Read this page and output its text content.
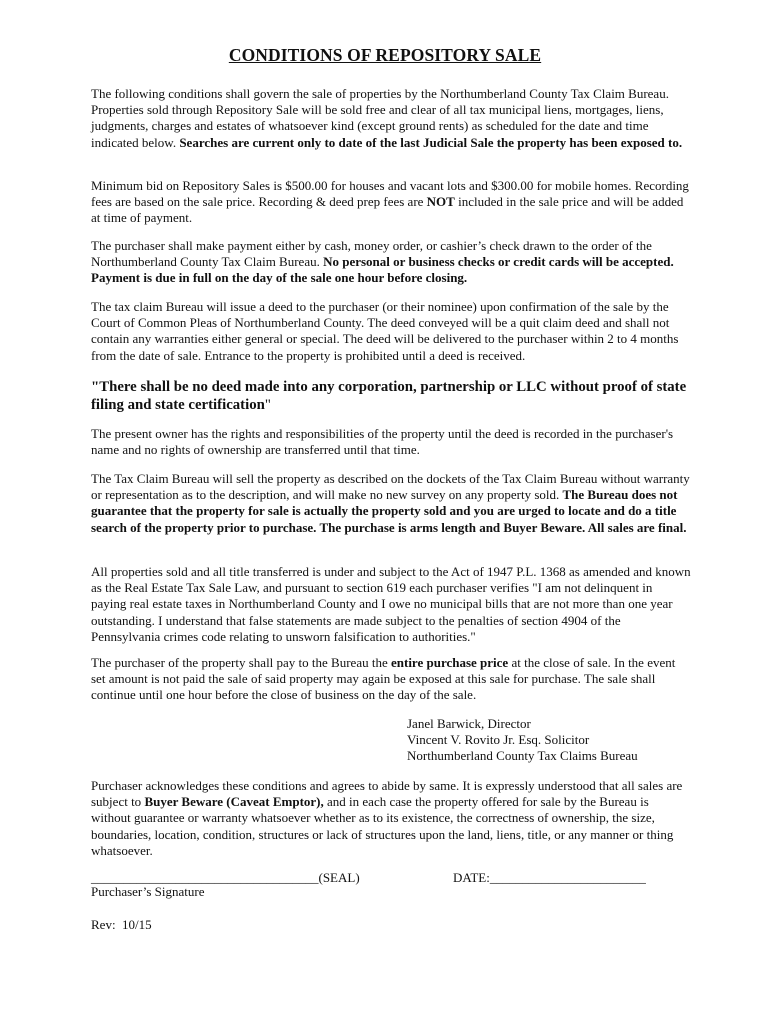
CONDITIONS OF REPOSITORY SALE
The following conditions shall govern the sale of properties by the Northumberland County Tax Claim Bureau. Properties sold through Repository Sale will be sold free and clear of all tax municipal liens, mortgages, liens, judgments, charges and estates of whatsoever kind (except ground rents) as scheduled for the date and time indicated below. Searches are current only to date of the last Judicial Sale the property has been exposed to.
Minimum bid on Repository Sales is $500.00 for houses and vacant lots and $300.00 for mobile homes. Recording fees are based on the sale price. Recording & deed prep fees are NOT included in the sale price and will be added at time of payment.
The purchaser shall make payment either by cash, money order, or cashier’s check drawn to the order of the Northumberland County Tax Claim Bureau. No personal or business checks or credit cards will be accepted. Payment is due in full on the day of the sale one hour before closing.
The tax claim Bureau will issue a deed to the purchaser (or their nominee) upon confirmation of the sale by the Court of Common Pleas of Northumberland County. The deed conveyed will be a quit claim deed and shall not contain any warranties either general or special. The deed will be delivered to the purchaser within 2 to 4 months from the date of sale. Entrance to the property is prohibited until a deed is received.
"There shall be no deed made into any corporation, partnership or LLC without proof of state filing and state certification"
The present owner has the rights and responsibilities of the property until the deed is recorded in the purchaser's name and no rights of ownership are transferred until that time.
The Tax Claim Bureau will sell the property as described on the dockets of the Tax Claim Bureau without warranty or representation as to the description, and will make no new survey on any property sold. The Bureau does not guarantee that the property for sale is actually the property sold and you are urged to locate and do a title search of the property prior to purchase. The purchase is arms length and Buyer Beware. All sales are final.
All properties sold and all title transferred is under and subject to the Act of 1947 P.L. 1368 as amended and known as the Real Estate Tax Sale Law, and pursuant to section 619 each purchaser verifies "I am not delinquent in paying real estate taxes in Northumberland County and I owe no municipal bills that are not more than one year outstanding. I understand that false statements are made subject to the penalties of section 4904 of the Pennsylvania crimes code relating to unsworn falsification to authorities."
The purchaser of the property shall pay to the Bureau the entire purchase price at the close of sale. In the event set amount is not paid the sale of said property may again be exposed at this sale for purchase. The sale shall continue until one hour before the close of business on the day of the sale.
Janel Barwick, Director
Vincent V. Rovito Jr. Esq. Solicitor
Northumberland County Tax Claims Bureau
Purchaser acknowledges these conditions and agrees to abide by same. It is expressly understood that all sales are subject to Buyer Beware (Caveat Emptor), and in each case the property offered for sale by the Bureau is without guarantee or warranty whatsoever whether as to its existence, the correctness of ownership, the size, boundaries, location, condition, structures or lack of structures upon the land, liens, title, or any manner or thing whatsoever.
___________________________________(SEAL)	DATE:________________________
Purchaser’s Signature
Rev:  10/15
